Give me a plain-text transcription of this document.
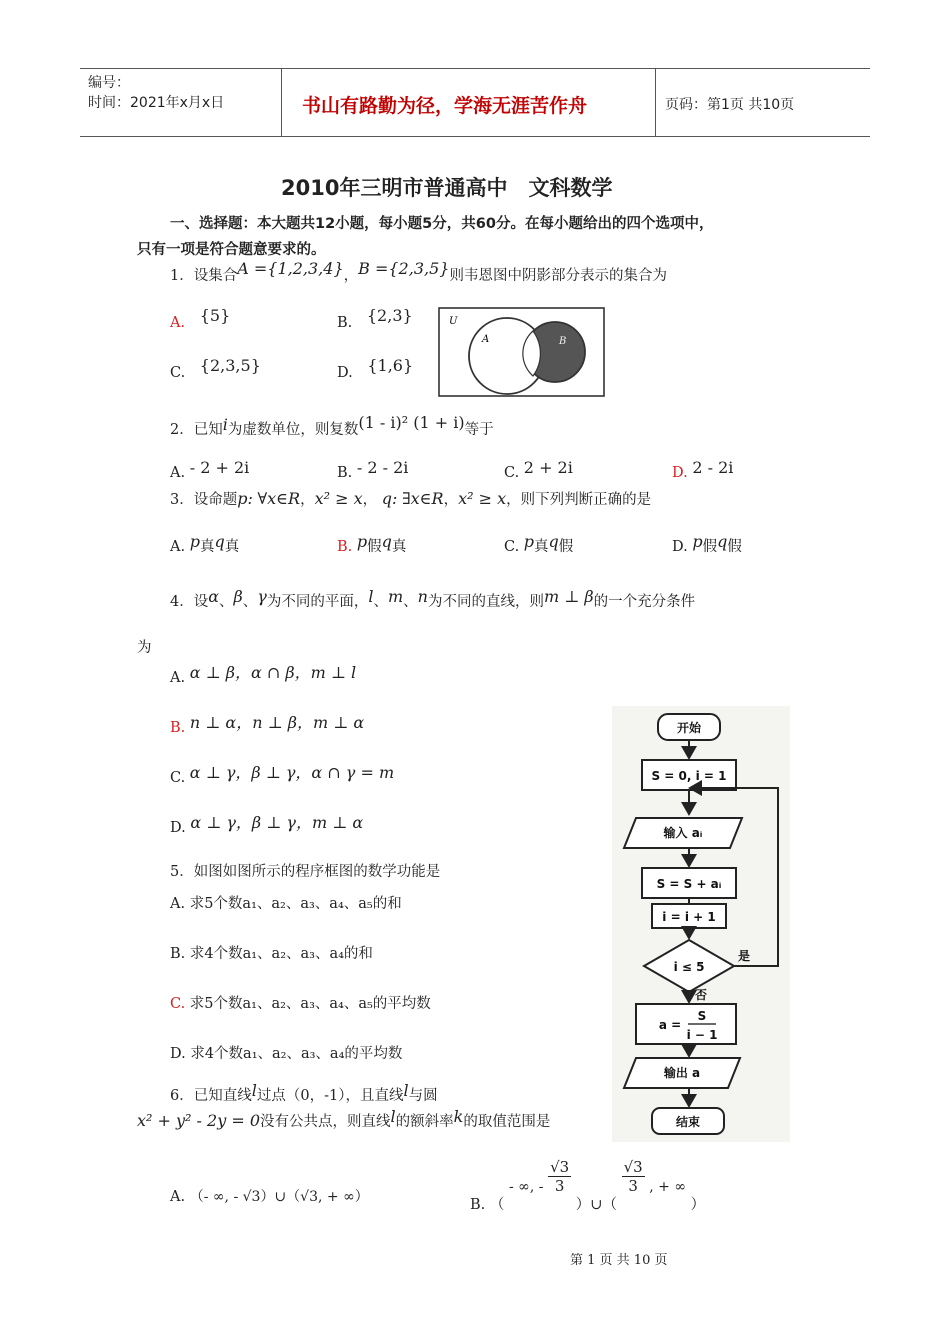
编号：
时间：2021年x月x日	书山有路勤为径，学海无涯苦作舟	页码：第1页 共10页
2010年三明市普通高中　文科数学
一、选择题：本大题共12小题，每小题5分，共60分。在每小题给出的四个选项中，
只有一项是符合题意要求的。
1．设集合A ={1,2,3,4}，B ={2,3,5}则韦恩图中阴影部分表示的集合为
A. {5}	B. {2,3}
C. {2,3,5}	D. {1,6}
U
A	B
2．已知i为虚数单位，则复数(1 - i)² (1 + i)等于
A. - 2 + 2i	B. - 2 - 2i	C. 2 + 2i	D. 2 - 2i
3．设命题p: ∀x∈R，x² ≥ x， q: ∃x∈R，x² ≥ x，则下列判断正确的是
A. p真q真	B. p假q真	C. p真q假	D. p假q假
4．设α、β、γ为不同的平面，l、m、n为不同的直线，则m ⊥ β的一个充分条件
为
A. α ⊥ β，α ∩ β，m ⊥ l
B. n ⊥ α，n ⊥ β，m ⊥ α
C. α ⊥ γ，β ⊥ γ，α ∩ γ = m
D. α ⊥ γ，β ⊥ γ，m ⊥ α
开始
S = 0, i = 1
输入 aᵢ
S = S + aᵢ
i = i + 1
i ≤ 5
是
否
a =
S
i − 1
输出 a
结束
5．如图如图所示的程序框图的数学功能是
A. 求5个数a₁、a₂、a₃、a₄、a₅的和
B. 求4个数a₁、a₂、a₃、a₄的和
C. 求5个数a₁、a₂、a₃、a₄、a₅的平均数
D. 求4个数a₁、a₂、a₃、a₄的平均数
6．已知直线l过点（0，-1），且直线l与圆
x² + y² - 2y = 0没有公共点，则直线l的额斜率k的取值范围是
A. （- ∞, - √3）∪（√3, + ∞）	B. （ - ∞, - $\frac{√3}{3}$
）∪（
$\frac{√3}{3}$ , + ∞ ）
第 1 页 共 10 页
